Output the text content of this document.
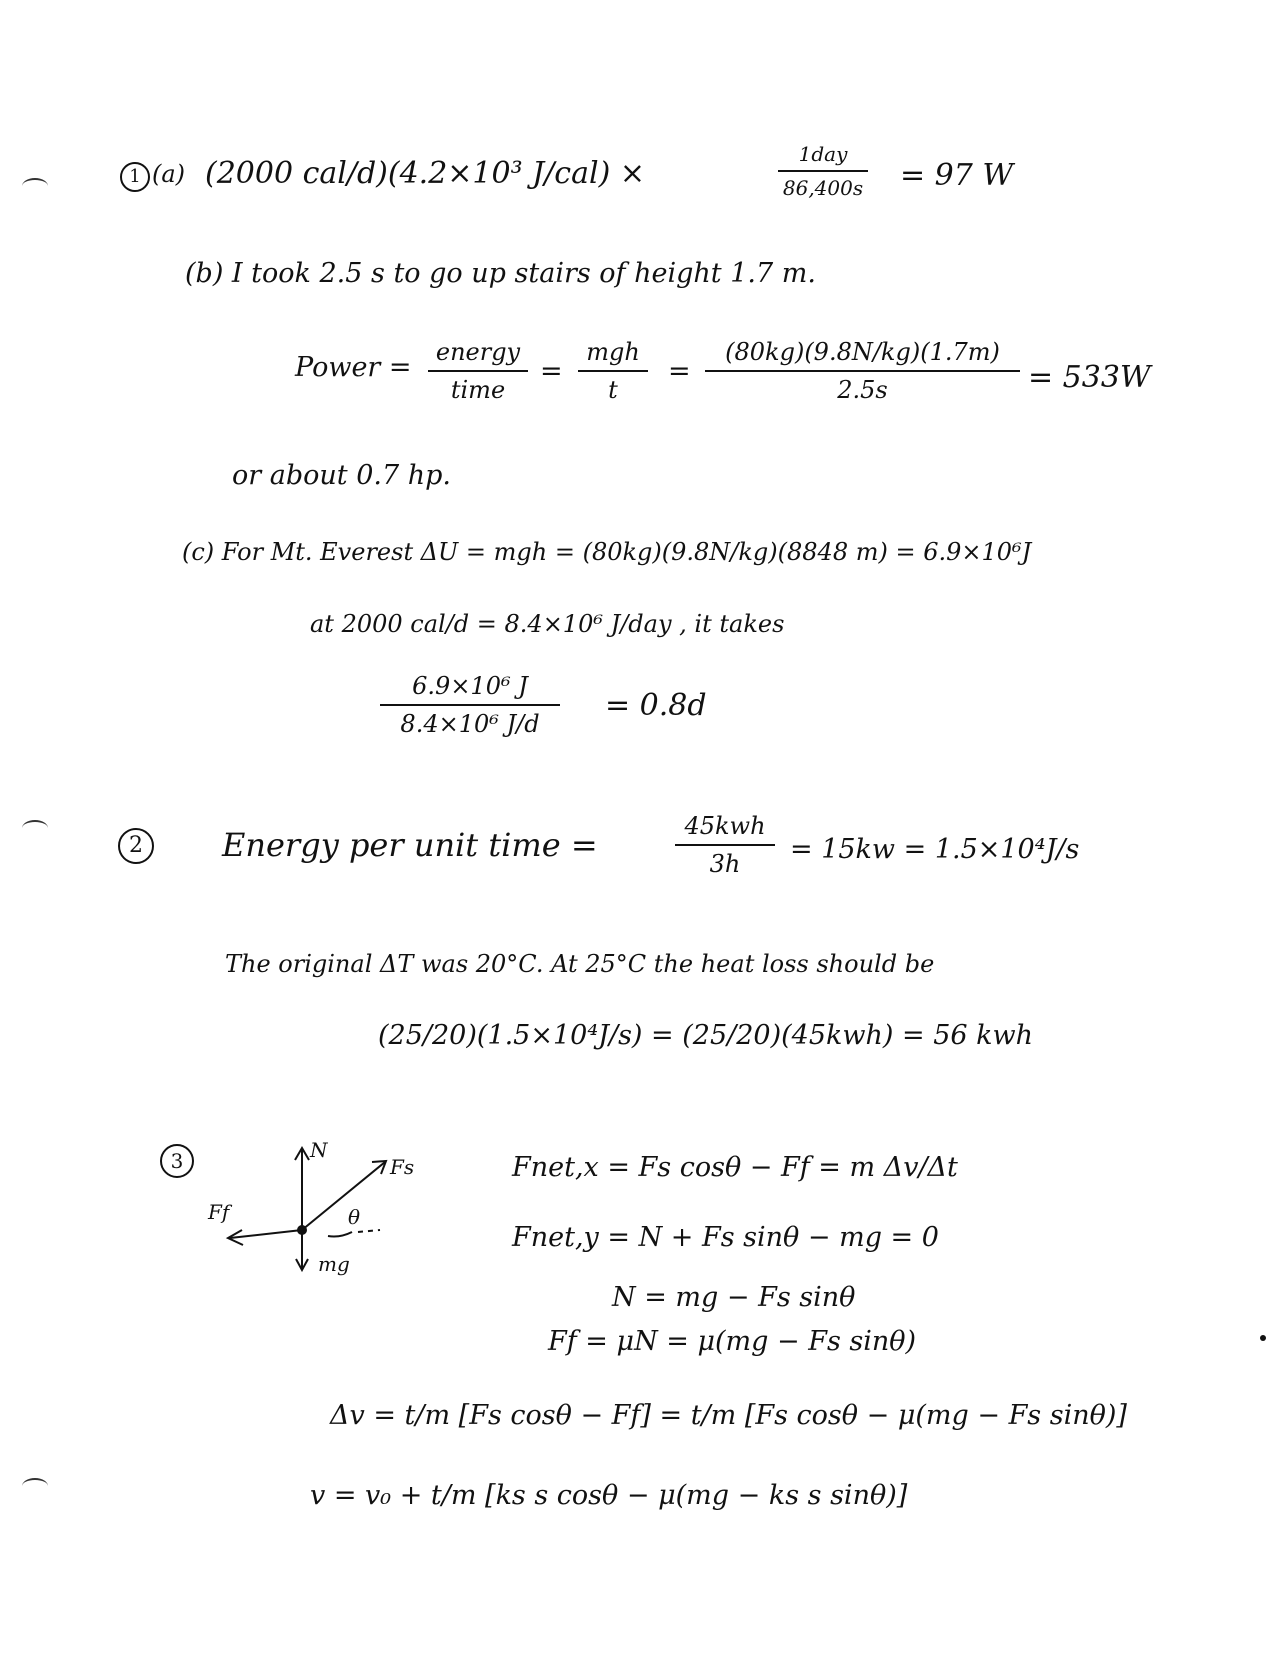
1 (a) (2000 cal/d)(4.2×10³ J/cal) ×
1day
86,400s = 97 W
(b) I took 2.5 s to go up stairs of height 1.7 m.
Power =	energy
time
=
mgh
t
=
(80kg)(9.8N/kg)(1.7m)
2.5s	= 533W
or about 0.7 hp.
(c) For Mt. Everest ΔU = mgh = (80kg)(9.8N/kg)(8848 m) = 6.9×10⁶J
at 2000 cal/d = 8.4×10⁶ J/day , it takes
6.9×10⁶ J
8.4×10⁶ J/d
= 0.8d
2	Energy per unit time =	45kwh
3h	= 15kw = 1.5×10⁴J/s
The original ΔT was 20°C. At 25°C the heat loss should be
(25/20)(1.5×10⁴J/s) = (25/20)(45kwh) = 56 kwh
3	N
Fs
Ff
mg
θ
Fnet,x = Fs cosθ − Ff = m Δv/Δt
Fnet,y = N + Fs sinθ − mg = 0
N = mg − Fs sinθ
Ff = μN = μ(mg − Fs sinθ)
Δv = t/m [Fs cosθ − Ff] = t/m [Fs cosθ − μ(mg − Fs sinθ)]
v = v₀ + t/m [ks s cosθ − μ(mg − ks s sinθ)]
